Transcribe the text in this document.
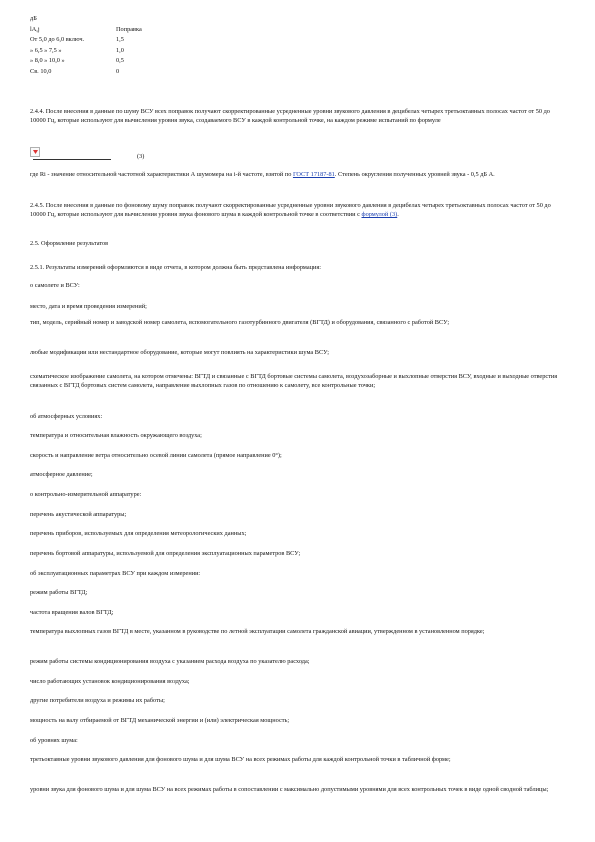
дБ
lА,j	Поправка
От 5,0 до 6,0 включ.	1,5
» 6,5 » 7,5 »	1,0
» 8,0 » 10,0 »	0,5
Св. 10,0	0
2.4.4. После внесения в данные по шуму ВСУ всех поправок получают скорректированные усредненные уровни звукового давления в децибелах четырех третьоктавных полосах частот от 50 до 10000 Гц, которые используют для вычисления уровня звука, создаваемого ВСУ в каждой контрольной точке, на каждом режиме испытаний по формуле
(3)
где Ri - значение относительной частотной характеристики А шумомера на i-й частоте, взятой по ГОСТ 17187-81. Степень округления полученных уровней звука - 0,5 дБ А.
2.4.5. После внесения в данные по фоновому шуму поправок получают скорректированные усредненные уровни звукового давления в децибелах четырех третьоктавных полосах частот от 50 до 10000 Гц, которые используют для вычисления уровня звука фонового шума в каждой контрольной точке в соответствии с формулой (3).
2.5. Оформление результатов
2.5.1. Результаты измерений оформляются в виде отчета, в котором должна быть представлена информация:
о самолете и ВСУ:
место, дата и время проведения измерений;
тип, модель, серийный номер и заводской номер самолета, вспомогательного газотурбинного двигателя (ВГТД) и оборудования, связанного с работой ВСУ;
любые модификации или нестандартное оборудование, которые могут повлиять на характеристики шума ВСУ;
схематическое изображение самолета, на котором отмечены: ВГТД и связанные с ВГТД бортовые системы самолета, воздухозаборные и выхлопные отверстия ВСУ, входные и выходные отверстия связанных с ВГТД бортовых систем самолета, направление выхлопных газов по отношению к самолету, все контрольные точки;
об атмосферных условиях:
температура и относительная влажность окружающего воздуха;
скорость и направление ветра относительно осевой линии самолета (прямое направление 0°);
атмосферное давление;
о контрольно-измерительной аппаратуре:
перечень акустической аппаратуры;
перечень приборов, используемых для определения метеорологических данных;
перечень бортовой аппаратуры, используемой для определения эксплуатационных параметров ВСУ;
об эксплуатационных параметрах ВСУ при каждом измерении:
режим работы ВГТД;
частота вращения валов ВГТД;
температура выхлопных газов ВГТД в месте, указанном в руководстве по летной эксплуатации самолета гражданской авиации, утвержденном в установленном порядке;
режим работы системы кондиционирования воздуха с указанием расхода воздуха по указателю расхода;
число работающих установок кондиционирования воздуха;
другие потребители воздуха и режимы их работы;
мощность на валу отбираемой от ВГТД механической энергии и (или) электрическая мощность;
об уровнях шума:
третьоктавные уровни звукового давления для фонового шума и для шума ВСУ на всех режимах работы для каждой контрольной точки в табличной форме;
уровни звука для фонового шума и для шума ВСУ на всех режимах работы в сопоставлении с максимально допустимыми уровнями для всех контрольных точек в виде одной сводной таблицы;
